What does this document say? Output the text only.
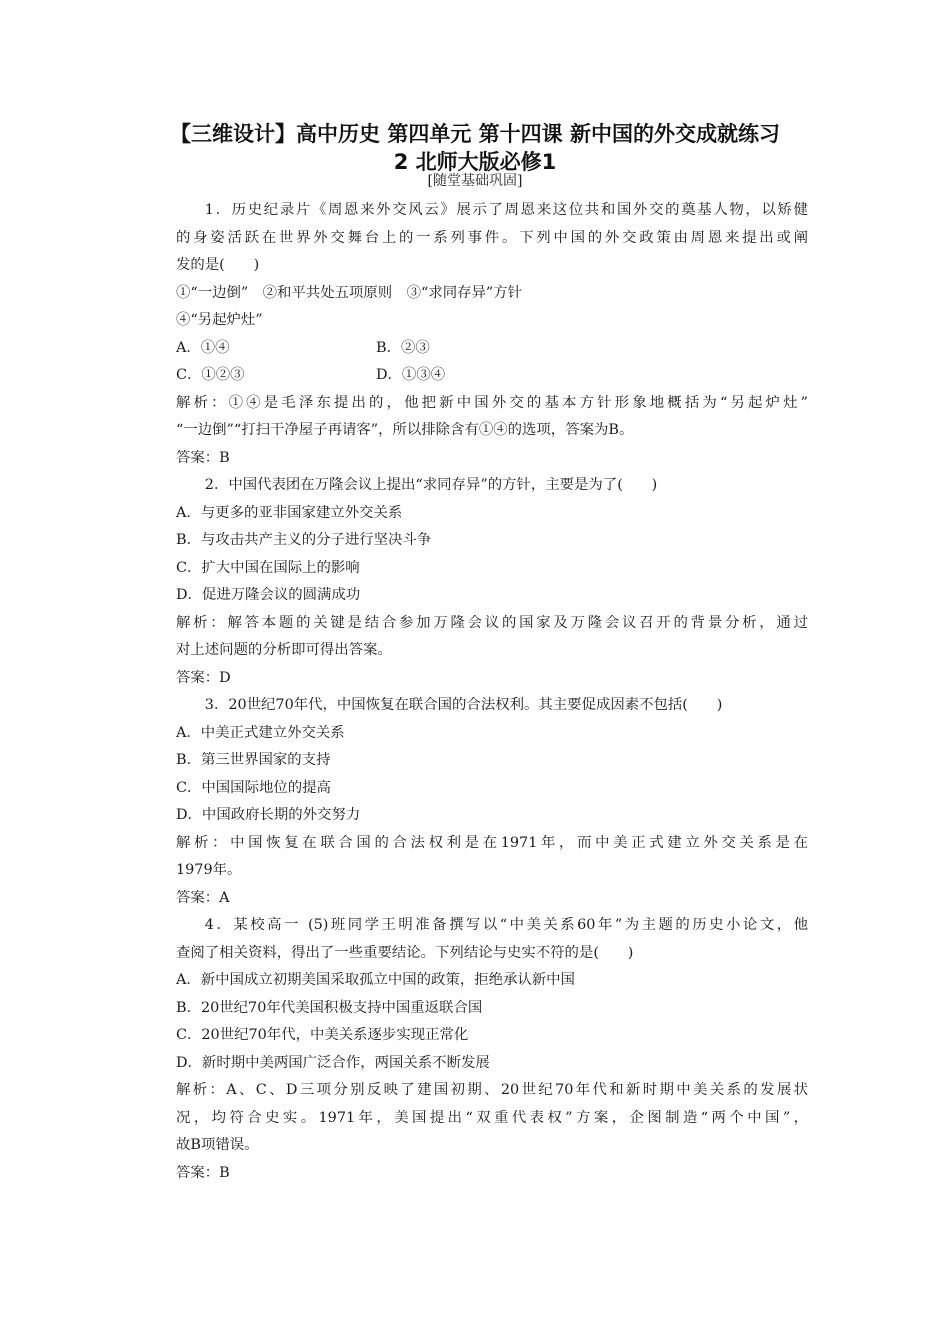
【三维设计】高中历史 第四单元 第十四课 新中国的外交成就练习
2 北师大版必修1
[随堂基础巩固]
1．历史纪录片《周恩来外交风云》展示了周恩来这位共和国外交的奠基人物，以矫健
的身姿活跃在世界外交舞台上的一系列事件。下列中国的外交政策由周恩来提出或阐
发的是(　　)
①“一边倒”　②和平共处五项原则　③“求同存异”方针
④“另起炉灶”
A．①④	B．②③
C．①②③	D．①③④
解析：①④是毛泽东提出的，他把新中国外交的基本方针形象地概括为“另起炉灶”
“一边倒”“打扫干净屋子再请客”，所以排除含有①④的选项，答案为B。
答案：B
2．中国代表团在万隆会议上提出“求同存异”的方针，主要是为了(　　)
A．与更多的亚非国家建立外交关系
B．与攻击共产主义的分子进行坚决斗争
C．扩大中国在国际上的影响
D．促进万隆会议的圆满成功
解析：解答本题的关键是结合参加万隆会议的国家及万隆会议召开的背景分析，通过
对上述问题的分析即可得出答案。
答案：D
3．20世纪70年代，中国恢复在联合国的合法权利。其主要促成因素不包括(　　)
A．中美正式建立外交关系
B．第三世界国家的支持
C．中国国际地位的提高
D．中国政府长期的外交努力
解析：中国恢复在联合国的合法权利是在1971年，而中美正式建立外交关系是在
1979年。
答案：A
4．某校高一 (5)班同学王明准备撰写以“中美关系60年”为主题的历史小论文，他
查阅了相关资料，得出了一些重要结论。下列结论与史实不符的是(　　)
A．新中国成立初期美国采取孤立中国的政策，拒绝承认新中国
B．20世纪70年代美国积极支持中国重返联合国
C．20世纪70年代，中美关系逐步实现正常化
D．新时期中美两国广泛合作，两国关系不断发展
解析：A、C、D三项分别反映了建国初期、20世纪70年代和新时期中美关系的发展状
况，均符合史实。1971年，美国提出“双重代表权”方案，企图制造“两个中国”，
故B项错误。
答案：B
